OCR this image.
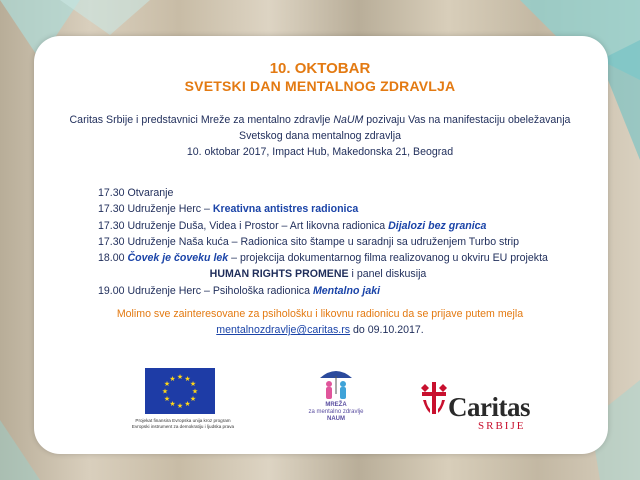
10. OKTOBAR
SVETSKI DAN MENTALNOG ZDRAVLJA
Caritas Srbije i predstavnici Mreže za mentalno zdravlje NaUM pozivaju Vas na manifestaciju obeležavanja
Svetskog dana mentalnog zdravlja
10. oktobar 2017, Impact Hub, Makedonska 21, Beograd
17.30 Otvaranje
17.30 Udruženje Herc – Kreativna antistres radionica
17.30 Udruženje Duša, Videa i Prostor – Art likovna radionica Dijalozi bez granica
17.30 Udruženje Naša kuća – Radionica sito štampe u saradnji sa udruženjem Turbo strip
18.00 Čovek je čoveku lek – projekcija dokumentarnog filma realizovanog u okviru EU projekta
HUMAN RIGHTS PROMENE i panel diskusija
19.00 Udruženje Herc – Psihološka radionica Mentalno jaki
Molimo sve zainteresovane za psihološku i likovnu radionicu da se prijave putem mejla
mentalnozdravlje@caritas.rs do 09.10.2017.
★ ★
★
★
★
★
★
★
★
★
★
★
Projekat finansira Evropska unija kroz program
Evropski instrument za demokratiju i ljudska prava
MREŽA
za mentalno zdravlje
NAUM	Caritas
SRBIJE
